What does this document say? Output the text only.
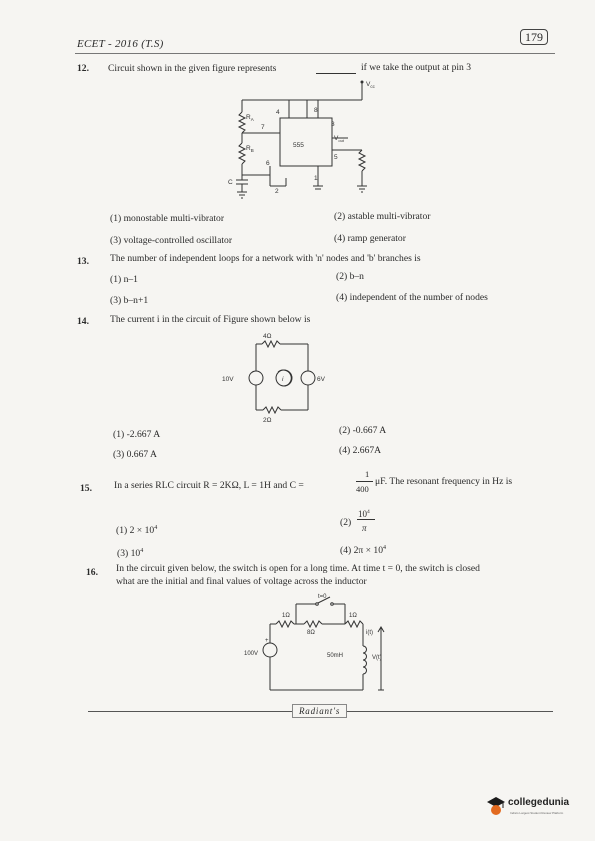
ECET - 2016 (T.S)	179
12. Circuit shown in the given figure represents	if we take the output at pin 3
$V_{cc}$
$R_A$
$R_B$
C
555
4	8
7	3
6
5
2
1
$V_{out}$
(1) monostable multi-vibrator	(2) astable multi-vibrator
(3) voltage-controlled oscillator	(4) ramp generator
13. The number of independent loops for a network with 'n' nodes and 'b' branches is
(1) n–1	(2) b–n
(3) b–n+1	(4) independent of the number of nodes
14. The current i in the circuit of Figure shown below is
4Ω
2Ω
10V	6V
i
(1) -2.667 A	(2) -0.667 A
(3) 0.667 A	(4) 2.667A
15. In a series RLC circuit R = 2KΩ, L = 1H and C =
1
400
μF. The resonant frequency in Hz is
(1) $2 \times 10^4$	(2)
$10^4$
π
(3) $10^4$	(4) $2\pi \times 10^4$
16. In the circuit given below, the switch is open for a long time. At time t = 0, the switch is closed
what are the initial and final values of voltage across the inductor
t=0
1Ω
8Ω
1Ω
100V	50mH
i(t)
V(t)
+
Radiant's
collegedunia
India's Largest Student Review Platform
